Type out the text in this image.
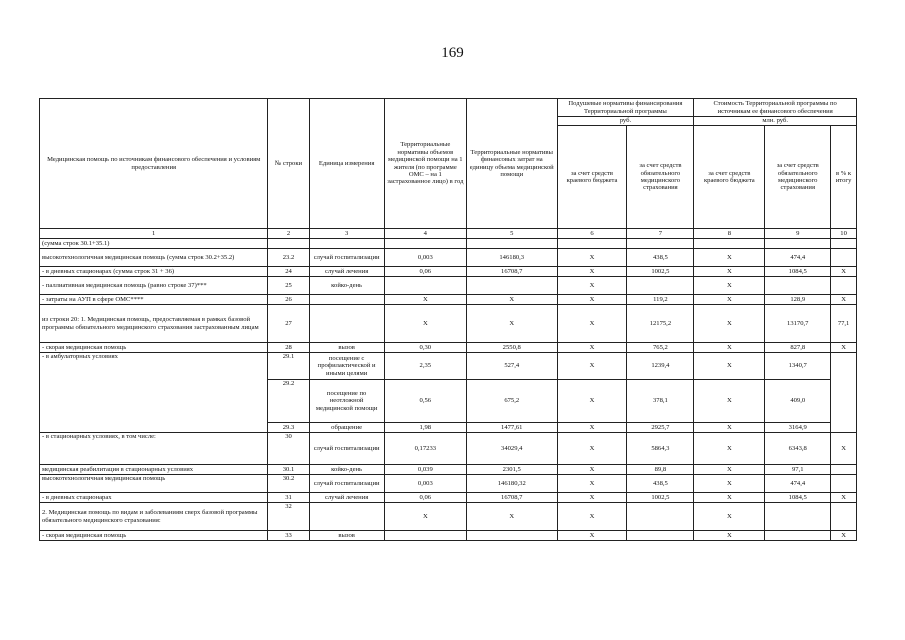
169
Медицинская помощь по источникам финансового обеспечения и условиям предоставления	№ строки	Единица измерения	Территориальные нормативы объемов медицинской помощи на 1 жителя (по программе ОМС – на 1 застрахованное лицо) в год	Территориальные нормативы финансовых затрат на единицу объема медицинской помощи	Подушевые нормативы финансирования Территориальной программы		Стоимость Территориальной программы по источникам ее финансового обеспечения		
					руб.		млн. руб.		
					за счет средств краевого бюджета	за счет средств обязательного медицинского страхования	за счет средств краевого бюджета	за счет средств обязательного медицинского страхования	в % к итогу
1	2	3	4	5	6	7	8	9	10
(сумма строк 30.1+35.1)									
высокотехнологичная медицинская помощь (сумма строк 30.2+35.2)	23.2	случай госпитализации	0,003	146180,3	X	438,5	X	474,4	
- в дневных стационарах (сумма строк 31 + 36)	24	случай лечения	0,06	16708,7	X	1002,5	X	1084,5	X
- паллиативная медицинская помощь (равно строке 37)***	25	койко-день			X		X		
- затраты на АУП в сфере ОМС****	26		X	X	X	119,2	X	128,9	X
из строки 20: 1. Медицинская помощь, предоставляемая в рамках базовой программы обязательного медицинского страхования застрахованным лицам	27		X	X	X	12175,2	X	13170,7	77,1
- скорая медицинская помощь	28	вызов	0,30	2550,8	X	765,2	X	827,8	X
- в амбулаторных условиях	29.1	посещение с профилактической и иными целями	2,35	527,4	X	1239,4	X	1340,7	
	29.2	посещение по неотложной медицинской помощи	0,56	675,2	X	378,1	X	409,0	
	29.3	обращение	1,98	1477,61	X	2925,7	X	3164,9	
- в стационарных условиях, в том числе:	30	случай госпитализации	0,17233	34029,4	X	5864,3	X	6343,8	X
медицинская реабилитация в стационарных условиях	30.1	койко-день	0,039	2301,5	X	89,8	X	97,1	
высокотехнологичная медицинская помощь	30.2	случай госпитализации	0,003	146180,32	X	438,5	X	474,4	
- в дневных стационарах	31	случай лечения	0,06	16708,7	X	1002,5	X	1084,5	X
2. Медицинская помощь по видам и заболеваниям сверх базовой программы обязательного медицинского страхования:	32		X	X	X		X		
- скорая медицинская помощь	33	вызов			X		X		X
